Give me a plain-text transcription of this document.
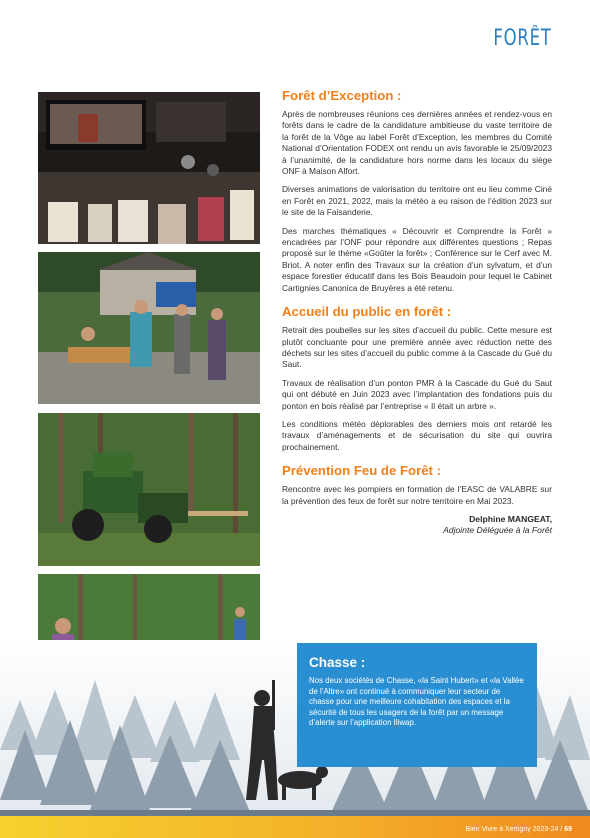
FORÊT
Forêt d’Exception :

Après de nombreuses réunions ces dernières années et rendez-vous en forêts dans le cadre de la candidature ambitieuse du vaste territoire de la forêt de la Vôge au label Forêt d’Exception, les membres du Comité National d’Orientation FODEX ont rendu un avis favorable le 25/09/2023 à l’unanimité, de la candidature hors norme dans les locaux du siège ONF à Maison Alfort.

Diverses animations de valorisation du territoire ont eu lieu comme Ciné en Forêt en 2021, 2022, mais la météo a eu raison de l’édition 2023 sur le site de la Faisanderie.

Des marches thématiques « Découvrir et Comprendre la Forêt » encadrées par l’ONF pour répondre aux différentes questions ; Repas proposé sur le thème «Goûter la forêt» ; Conférence sur le Cerf avec M. Briot. A noter enfin des Travaux sur la création d’un sylvatum, et d’un espace forestier éducatif dans les Bois Beaudoin pour lequel le Cabinet Cartignies Canonica de Bruyères a été retenu.

Accueil du public en forêt :

Retrait des poubelles sur les sites d’accueil du public. Cette mesure est plutôt concluante pour une première année avec réduction nette des déchets sur les sites d’accueil du public comme à la Cascade du Gué du Saut.

Travaux de réalisation d’un ponton PMR à la Cascade du Gué du Saut qui ont débuté en Juin 2023 avec l’implantation des fondations puis du ponton en bois réalisé par l’entreprise « Il était un arbre ».

Les conditions météo déplorables des derniers mois ont retardé les travaux d’aménagements et de sécurisation du site qui ouvrira prochainement.

Prévention Feu de Forêt :

Rencontre avec les pompiers en formation de l’EASC de VALABRE sur la prévention des feux de forêt sur notre territoire en Mai 2023.

Delphine MANGEAT,
Adjointe Déléguée à la Forêt
Chasse :
Nos deux sociétés de Chasse, «la Saint Hubert» et «la Vallée de l’Altre» ont continué à communiquer leur secteur de chasse pour une meilleure cohabitation des espaces et la sécurité de tous les usagers de la forêt par un message d’alerte sur l’application Iliwap.
Bien Vivre à Xertigny 2023-24 / 69
